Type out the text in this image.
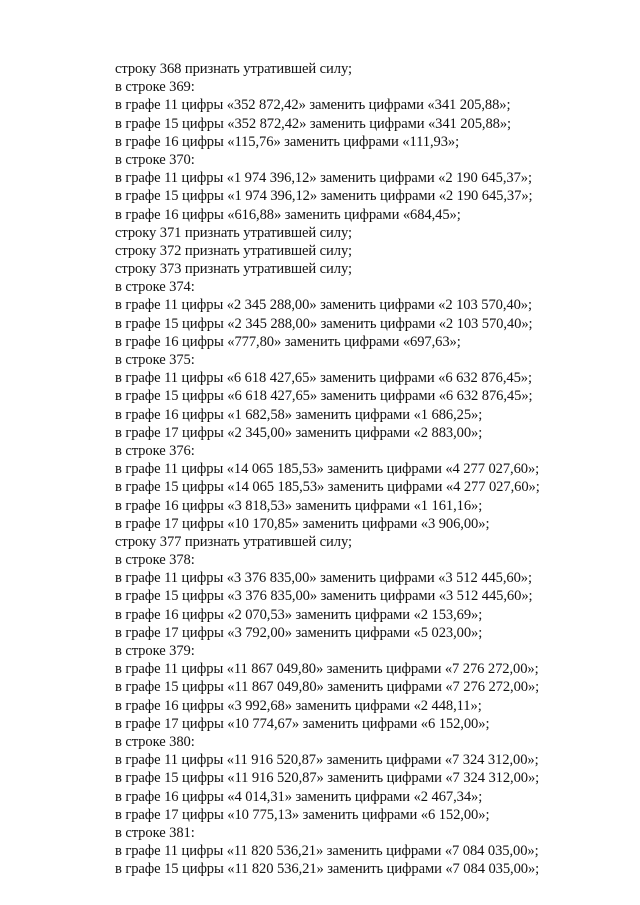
строку 368 признать утратившей силу;
в строке 369:
в графе 11 цифры «352 872,42» заменить цифрами «341 205,88»;
в графе 15 цифры «352 872,42» заменить цифрами «341 205,88»;
в графе 16 цифры «115,76» заменить цифрами «111,93»;
в строке 370:
в графе 11 цифры «1 974 396,12» заменить цифрами «2 190 645,37»;
в графе 15 цифры «1 974 396,12» заменить цифрами «2 190 645,37»;
в графе 16 цифры «616,88» заменить цифрами «684,45»;
строку 371 признать утратившей силу;
строку 372 признать утратившей силу;
строку 373 признать утратившей силу;
в строке 374:
в графе 11 цифры «2 345 288,00» заменить цифрами «2 103 570,40»;
в графе 15 цифры «2 345 288,00» заменить цифрами «2 103 570,40»;
в графе 16 цифры «777,80» заменить цифрами «697,63»;
в строке 375:
в графе 11 цифры «6 618 427,65» заменить цифрами «6 632 876,45»;
в графе 15 цифры «6 618 427,65» заменить цифрами «6 632 876,45»;
в графе 16 цифры «1 682,58» заменить цифрами «1 686,25»;
в графе 17 цифры «2 345,00» заменить цифрами «2 883,00»;
в строке 376:
в графе 11 цифры «14 065 185,53» заменить цифрами «4 277 027,60»;
в графе 15 цифры «14 065 185,53» заменить цифрами «4 277 027,60»;
в графе 16 цифры «3 818,53» заменить цифрами «1 161,16»;
в графе 17 цифры «10 170,85» заменить цифрами «3 906,00»;
строку 377 признать утратившей силу;
в строке 378:
в графе 11 цифры «3 376 835,00» заменить цифрами «3 512 445,60»;
в графе 15 цифры «3 376 835,00» заменить цифрами «3 512 445,60»;
в графе 16 цифры «2 070,53» заменить цифрами «2 153,69»;
в графе 17 цифры «3 792,00» заменить цифрами «5 023,00»;
в строке 379:
в графе 11 цифры «11 867 049,80» заменить цифрами «7 276 272,00»;
в графе 15 цифры «11 867 049,80» заменить цифрами «7 276 272,00»;
в графе 16 цифры «3 992,68» заменить цифрами «2 448,11»;
в графе 17 цифры «10 774,67» заменить цифрами «6 152,00»;
в строке 380:
в графе 11 цифры «11 916 520,87» заменить цифрами «7 324 312,00»;
в графе 15 цифры «11 916 520,87» заменить цифрами «7 324 312,00»;
в графе 16 цифры «4 014,31» заменить цифрами «2 467,34»;
в графе 17 цифры «10 775,13» заменить цифрами «6 152,00»;
в строке 381:
в графе 11 цифры «11 820 536,21» заменить цифрами «7 084 035,00»;
в графе 15 цифры «11 820 536,21» заменить цифрами «7 084 035,00»;
